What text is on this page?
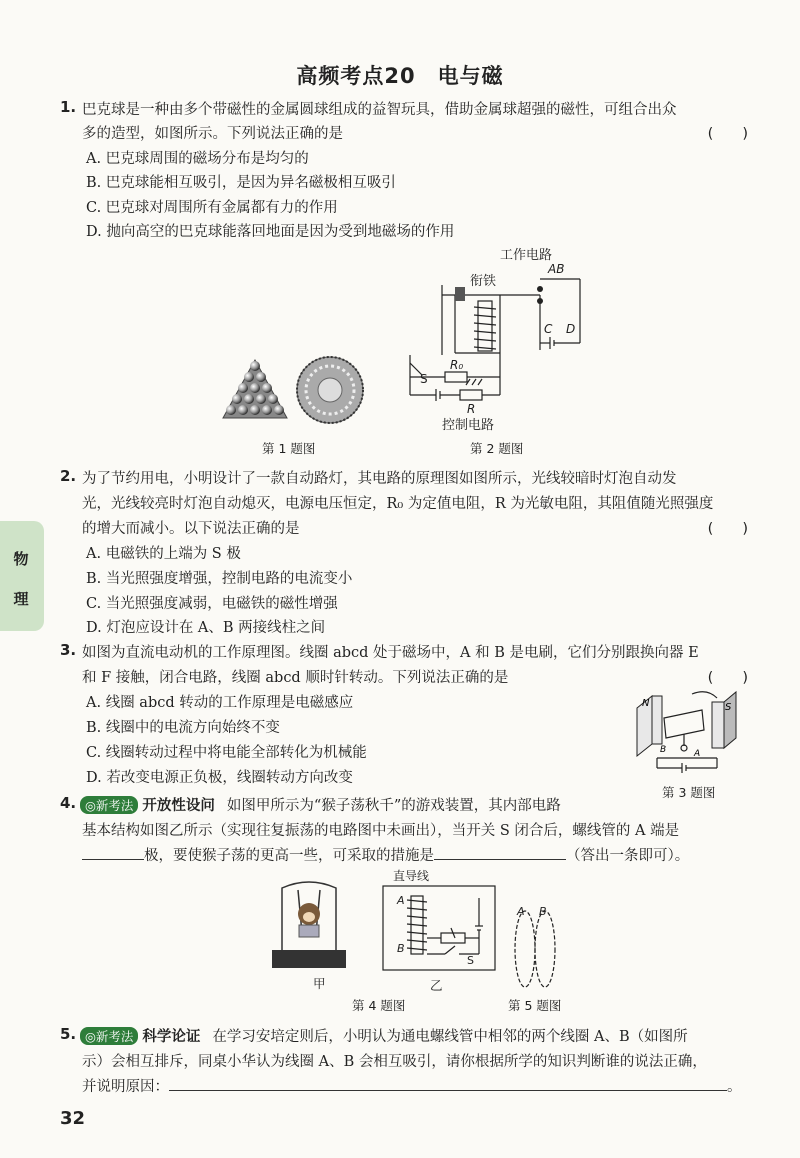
高频考点20　电与磁
物
理
1. 巴克球是一种由多个带磁性的金属圆球组成的益智玩具，借助金属球超强的磁性，可组合出众
多的造型，如图所示。下列说法正确的是	(　　)
A. 巴克球周围的磁场分布是均匀的
B. 巴克球能相互吸引，是因为异名磁极相互吸引
C. 巴克球对周围所有金属都有力的作用
D. 抛向高空的巴克球能落回地面是因为受到地磁场的作用
第 1 题图
工作电路
AB
衔铁
C D
S
R₀
R
控制电路
第 2 题图
2. 为了节约用电，小明设计了一款自动路灯，其电路的原理图如图所示，光线较暗时灯泡自动发
光，光线较亮时灯泡自动熄灭，电源电压恒定，R₀ 为定值电阻，R 为光敏电阻，其阻值随光照强度
的增大而减小。以下说法正确的是	(　　)
A. 电磁铁的上端为 S 极
B. 当光照强度增强，控制电路的电流变小
C. 当光照强度减弱，电磁铁的磁性增强
D. 灯泡应设计在 A、B 两接线柱之间
3. 如图为直流电动机的工作原理图。线圈 abcd 处于磁场中，A 和 B 是电刷，它们分别跟换向器 E
和 F 接触，闭合电路，线圈 abcd 顺时针转动。下列说法正确的是	(　　)
A. 线圈 abcd 转动的工作原理是电磁感应
B. 线圈中的电流方向始终不变
C. 线圈转动过程中将电能全部转化为机械能
D. 若改变电源正负极，线圈转动方向改变
N	S
B	A
第 3 题图
4. ◎新考法 开放性设问 如图甲所示为“猴子荡秋千”的游戏装置，其内部电路
基本结构如图乙所示（实现往复振荡的电路图中未画出），当开关 S 闭合后，螺线管的 A 端是
极，要使猴子荡的更高一些，可采取的措施是	（答出一条即可）。
甲
直导线
A
B
S
乙
A B
第 4 题图	第 5 题图
5. ◎新考法 科学论证 在学习安培定则后，小明认为通电螺线管中相邻的两个线圈 A、B（如图所
示）会相互排斥，同桌小华认为线圈 A、B 会相互吸引，请你根据所学的知识判断谁的说法正确，
并说明原因：	。
32
